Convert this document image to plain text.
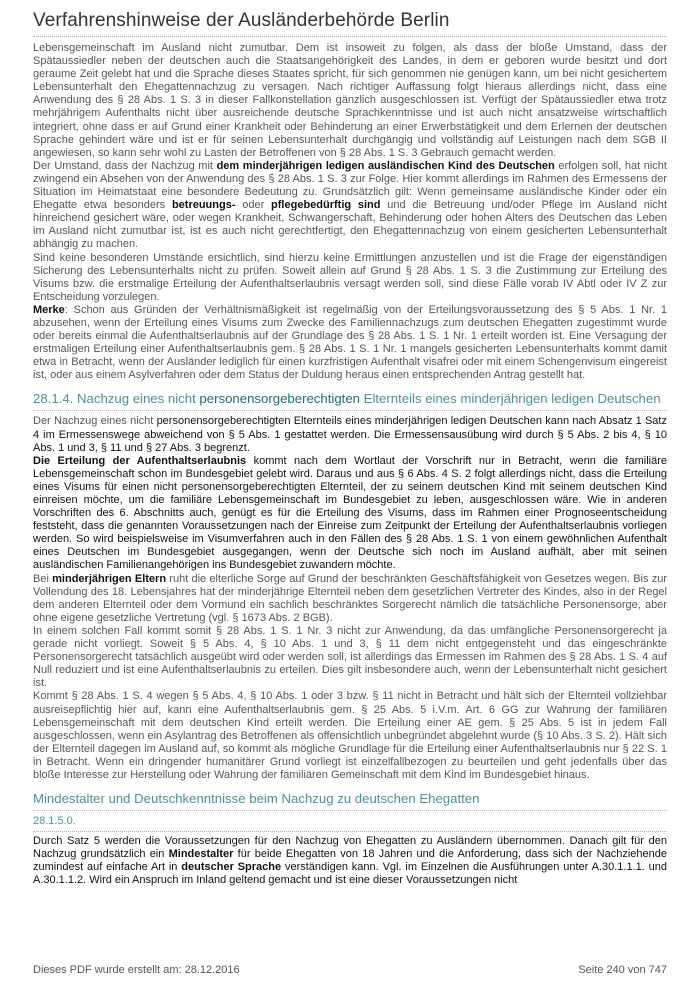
Verfahrenshinweise der Ausländerbehörde Berlin

Lebensgemeinschaft im Ausland nicht zumutbar. Dem ist insoweit zu folgen, als dass der bloße Umstand, dass der Spätaussiedler neben der deutschen auch die Staatsangehörigkeit des Landes, in dem er geboren wurde besitzt und dort geraume Zeit gelebt hat und die Sprache dieses Staates spricht, für sich genommen nie genügen kann, um bei nicht gesichertem Lebensunterhalt den Ehegattennachzug zu versagen. Nach richtiger Auffassung folgt hieraus allerdings nicht, dass eine Anwendung des § 28 Abs. 1 S. 3 in dieser Fallkonstellation gänzlich ausgeschlossen ist. Verfügt der Spätaussiedler etwa trotz mehrjährigem Aufenthalts nicht über ausreichende deutsche Sprachkenntnisse und ist auch nicht ansatzweise wirtschaftlich integriert, ohne dass er auf Grund einer Krankheit oder Behinderung an einer Erwerbstätigkeit und dem Erlernen der deutschen Sprache gehindert wäre und ist er für seinen Lebensunterhalt durchgängig und vollständig auf Leistungen nach dem SGB II angewiesen, so kann sehr wohl zu Lasten der Betroffenen von § 28 Abs. 1 S. 3 Gebrauch gemacht werden.

Der Umstand, dass der Nachzug mit dem minderjährigen ledigen ausländischen Kind des Deutschen erfolgen soll, hat nicht zwingend ein Absehen von der Anwendung des § 28 Abs. 1 S. 3 zur Folge. Hier kommt allerdings im Rahmen des Ermessens der Situation im Heimatstaat eine besondere Bedeutung zu. Grundsätzlich gilt: Wenn gemeinsame ausländische Kinder oder ein Ehegatte etwa besonders betreuungs- oder pflegebedürftig sind und die Betreuung und/oder Pflege im Ausland nicht hinreichend gesichert wäre, oder wegen Krankheit, Schwangerschaft, Behinderung oder hohen Alters des Deutschen das Leben im Ausland nicht zumutbar ist, ist es auch nicht gerechtfertigt, den Ehegattennachzug von einem gesicherten Lebensunterhalt abhängig zu machen.

Sind keine besonderen Umstände ersichtlich, sind hierzu keine Ermittlungen anzustellen und ist die Frage der eigenständigen Sicherung des Lebensunterhalts nicht zu prüfen. Soweit allein auf Grund § 28 Abs. 1 S. 3 die Zustimmung zur Erteilung des Visums bzw. die erstmalige Erteilung der Aufenthaltserlaubnis versagt werden soll, sind diese Fälle vorab IV Abtl oder IV Z zur Entscheidung vorzulegen.

Merke: Schon aus Gründen der Verhältnismäßigkeit ist regelmäßig von der Erteilungsvoraussetzung des § 5 Abs. 1 Nr. 1 abzusehen, wenn der Erteilung eines Visums zum Zwecke des Familiennachzugs zum deutschen Ehegatten zugestimmt wurde oder bereits einmal die Aufenthaltserlaubnis auf der Grundlage des § 28 Abs. 1 S. 1 Nr. 1 erteilt worden ist. Eine Versagung der erstmaligen Erteilung einer Aufenthaltserlaubnis gem. § 28 Abs. 1 S. 1 Nr. 1 mangels gesicherten Lebensunterhalts kommt damit etwa in Betracht, wenn der Ausländer lediglich für einen kurzfristigen Aufenthalt visafrei oder mit einem Schengenvisum eingereist ist, oder aus einem Asylverfahren oder dem Status der Duldung heraus einen entsprechenden Antrag gestellt hat.

28.1.4. Nachzug eines nicht personensorgeberechtigten Elternteils eines minderjährigen ledigen Deutschen

Der Nachzug eines nicht personensorgeberechtigten Elternteils eines minderjährigen ledigen Deutschen kann nach Absatz 1 Satz 4 im Ermessenswege abweichend von § 5 Abs. 1 gestattet werden. Die Ermessensausübung wird durch § 5 Abs. 2 bis 4, § 10 Abs. 1 und 3, § 11 und § 27 Abs. 3 begrenzt.

Die Erteilung der Aufenthaltserlaubnis kommt nach dem Wortlaut der Vorschrift nur in Betracht, wenn die familiäre Lebensgemeinschaft schon im Bundesgebiet gelebt wird. Daraus und aus § 6 Abs. 4 S. 2 folgt allerdings nicht, dass die Erteilung eines Visums für einen nicht personensorgeberechtigten Elternteil, der zu seinem deutschen Kind mit seinem deutschen Kind einreisen möchte, um die familiäre Lebensgemeinschaft im Bundesgebiet zu leben, ausgeschlossen wäre. Wie in anderen Vorschriften des 6. Abschnitts auch, genügt es für die Erteilung des Visums, dass im Rahmen einer Prognoseentscheidung feststeht, dass die genannten Voraussetzungen nach der Einreise zum Zeitpunkt der Erteilung der Aufenthaltserlaubnis vorliegen werden. So wird beispielsweise im Visumverfahren auch in den Fällen des § 28 Abs. 1 S. 1 von einem gewöhnlichen Aufenthalt eines Deutschen im Bundesgebiet ausgegangen, wenn der Deutsche sich noch im Ausland aufhält, aber mit seinen ausländischen Familienangehörigen ins Bundesgebiet zuwandern möchte.

Bei minderjährigen Eltern ruht die elterliche Sorge auf Grund der beschränkten Geschäftsfähigkeit von Gesetzes wegen. Bis zur Vollendung des 18. Lebensjahres hat der minderjährige Elternteil neben dem gesetzlichen Vertreter des Kindes, also in der Regel dem anderen Elternteil oder dem Vormund ein sachlich beschränktes Sorgerecht nämlich die tatsächliche Personensorge, aber ohne eigene gesetzliche Vertretung (vgl. § 1673 Abs. 2 BGB).

In einem solchen Fall kommt somit § 28 Abs. 1 S. 1 Nr. 3 nicht zur Anwendung, da das umfängliche Personensorgerecht ja gerade nicht vorliegt. Soweit § 5 Abs. 4, § 10 Abs. 1 und 3, § 11 dem nicht entgegensteht und das eingeschränkte Personensorgerecht tatsächlich ausgeübt wird oder werden soll, ist allerdings das Ermessen im Rahmen des § 28 Abs. 1 S. 4 auf Null reduziert und ist eine Aufenthaltserlaubnis zu erteilen. Dies gilt insbesondere auch, wenn der Lebensunterhalt nicht gesichert ist.

Kommt § 28 Abs. 1 S. 4 wegen § 5 Abs. 4, § 10 Abs. 1 oder 3 bzw. § 11 nicht in Betracht und hält sich der Elternteil vollziehbar ausreisepflichtig hier auf, kann eine Aufenthaltserlaubnis gem. § 25 Abs. 5 i.V.m. Art. 6 GG zur Wahrung der familiären Lebensgemeinschaft mit dem deutschen Kind erteilt werden. Die Erteilung einer AE gem. § 25 Abs. 5 ist in jedem Fall ausgeschlossen, wenn ein Asylantrag des Betroffenen als offensichtlich unbegründet abgelehnt wurde (§ 10 Abs. 3 S. 2). Hält sich der Elternteil dagegen im Ausland auf, so kommt als mögliche Grundlage für die Erteilung einer Aufenthaltserlaubnis nur § 22 S. 1 in Betracht. Wenn ein dringender humanitärer Grund vorliegt ist einzelfallbezogen zu beurteilen und geht jedenfalls über das bloße Interesse zur Herstellung oder Wahrung der familiären Gemeinschaft mit dem Kind im Bundesgebiet hinaus.

Mindestalter und Deutschkenntnisse beim Nachzug zu deutschen Ehegatten
28.1.5.0.

Durch Satz 5 werden die Voraussetzungen für den Nachzug von Ehegatten zu Ausländern übernommen. Danach gilt für den Nachzug grundsätzlich ein Mindestalter für beide Ehegatten von 18 Jahren und die Anforderung, dass sich der Nachziehende zumindest auf einfache Art in deutscher Sprache verständigen kann. Vgl. im Einzelnen die Ausführungen unter A.30.1.1.1. und A.30.1.1.2. Wird ein Anspruch im Inland geltend gemacht und ist eine dieser Voraussetzungen nicht

Dieses PDF wurde erstellt am: 28.12.2016	Seite 240 von 747
